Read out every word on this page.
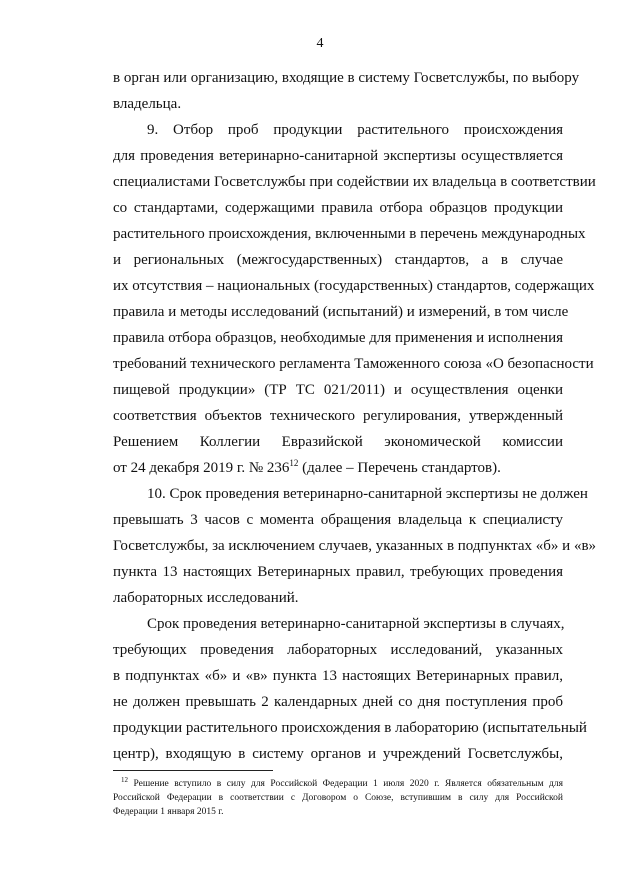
4
в орган или организацию, входящие в систему Госветслужбы, по выбору
владельца.
9. Отбор проб продукции растительного происхождения
для проведения ветеринарно-санитарной экспертизы осуществляется
специалистами Госветслужбы при содействии их владельца в соответствии
со стандартами, содержащими правила отбора образцов продукции
растительного происхождения, включенными в перечень международных
и региональных (межгосударственных) стандартов, а в случае
их отсутствия – национальных (государственных) стандартов, содержащих
правила и методы исследований (испытаний) и измерений, в том числе
правила отбора образцов, необходимые для применения и исполнения
требований технического регламента Таможенного союза «О безопасности
пищевой продукции» (ТР ТС 021/2011) и осуществления оценки
соответствия объектов технического регулирования, утвержденный
Решением Коллегии Евразийской экономической комиссии
от 24 декабря 2019 г. № $236^{12}$ (далее – Перечень стандартов).
10. Срок проведения ветеринарно-санитарной экспертизы не должен
превышать 3 часов с момента обращения владельца к специалисту
Госветслужбы, за исключением случаев, указанных в подпунктах «б» и «в»
пункта 13 настоящих Ветеринарных правил, требующих проведения
лабораторных исследований.
Срок проведения ветеринарно-санитарной экспертизы в случаях,
требующих проведения лабораторных исследований, указанных
в подпунктах «б» и «в» пункта 13 настоящих Ветеринарных правил,
не должен превышать 2 календарных дней со дня поступления проб
продукции растительного происхождения в лабораторию (испытательный
центр), входящую в систему органов и учреждений Госветслужбы,
$^{12}$ Решение вступило в силу для Российской Федерации 1 июля 2020 г. Является обязательным для
Российской Федерации в соответствии с Договором о Союзе, вступившим в силу для Российской
Федерации 1 января 2015 г.
